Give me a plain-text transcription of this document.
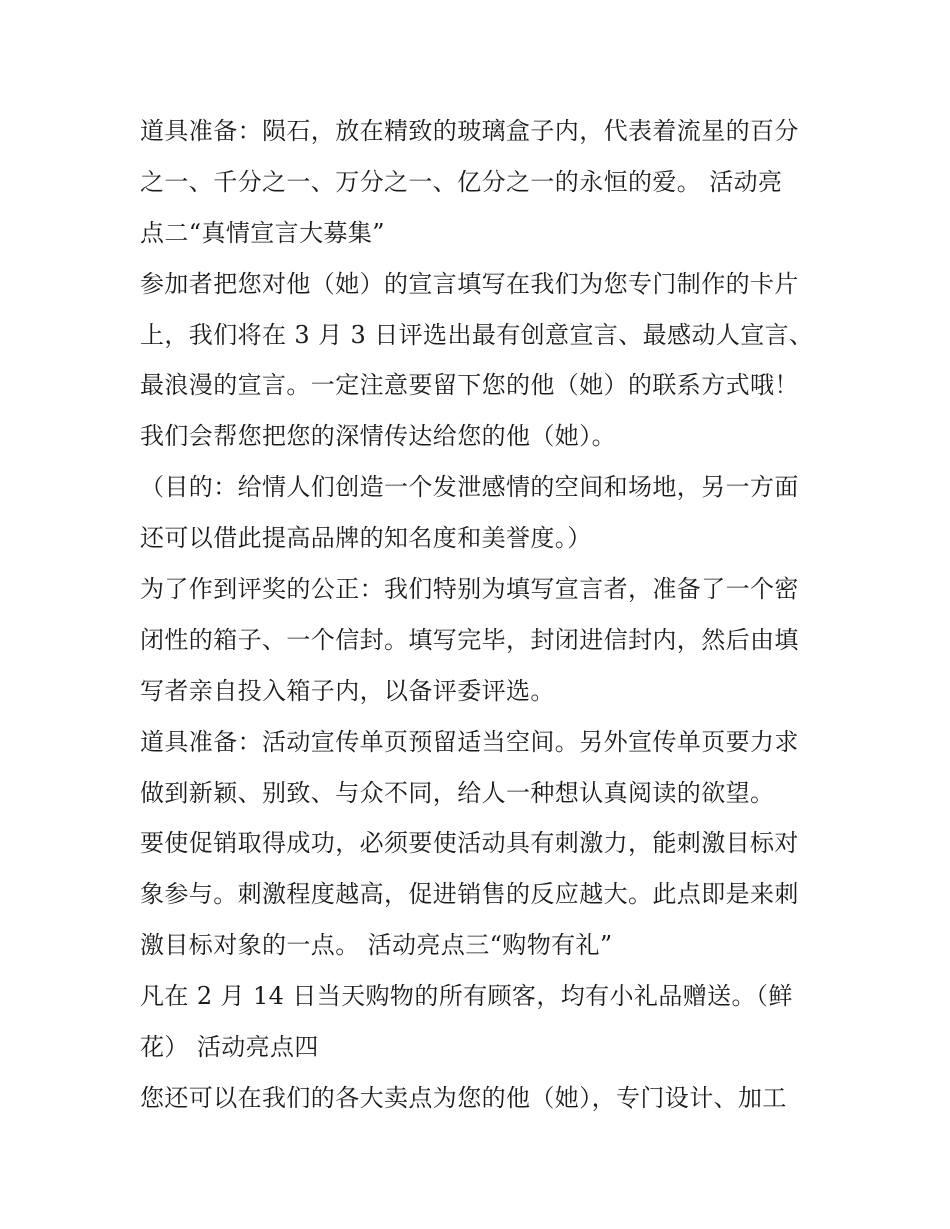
道具准备：陨石，放在精致的玻璃盒子内，代表着流星的百分
之一、千分之一、万分之一、亿分之一的永恒的爱。 活动亮
点二“真情宣言大募集”
参加者把您对他（她）的宣言填写在我们为您专门制作的卡片
上，我们将在 3 月 3 日评选出最有创意宣言、最感动人宣言、
最浪漫的宣言。一定注意要留下您的他（她）的联系方式哦！
我们会帮您把您的深情传达给您的他（她）。
（目的：给情人们创造一个发泄感情的空间和场地，另一方面
还可以借此提高品牌的知名度和美誉度。）
为了作到评奖的公正：我们特别为填写宣言者，准备了一个密
闭性的箱子、一个信封。填写完毕，封闭进信封内，然后由填
写者亲自投入箱子内，以备评委评选。
道具准备：活动宣传单页预留适当空间。另外宣传单页要力求
做到新颖、别致、与众不同，给人一种想认真阅读的欲望。
要使促销取得成功，必须要使活动具有刺激力，能刺激目标对
象参与。刺激程度越高，促进销售的反应越大。此点即是来刺
激目标对象的一点。 活动亮点三“购物有礼”
凡在 2 月 14 日当天购物的所有顾客，均有小礼品赠送。（鲜
花） 活动亮点四
您还可以在我们的各大卖点为您的他（她），专门设计、加工
